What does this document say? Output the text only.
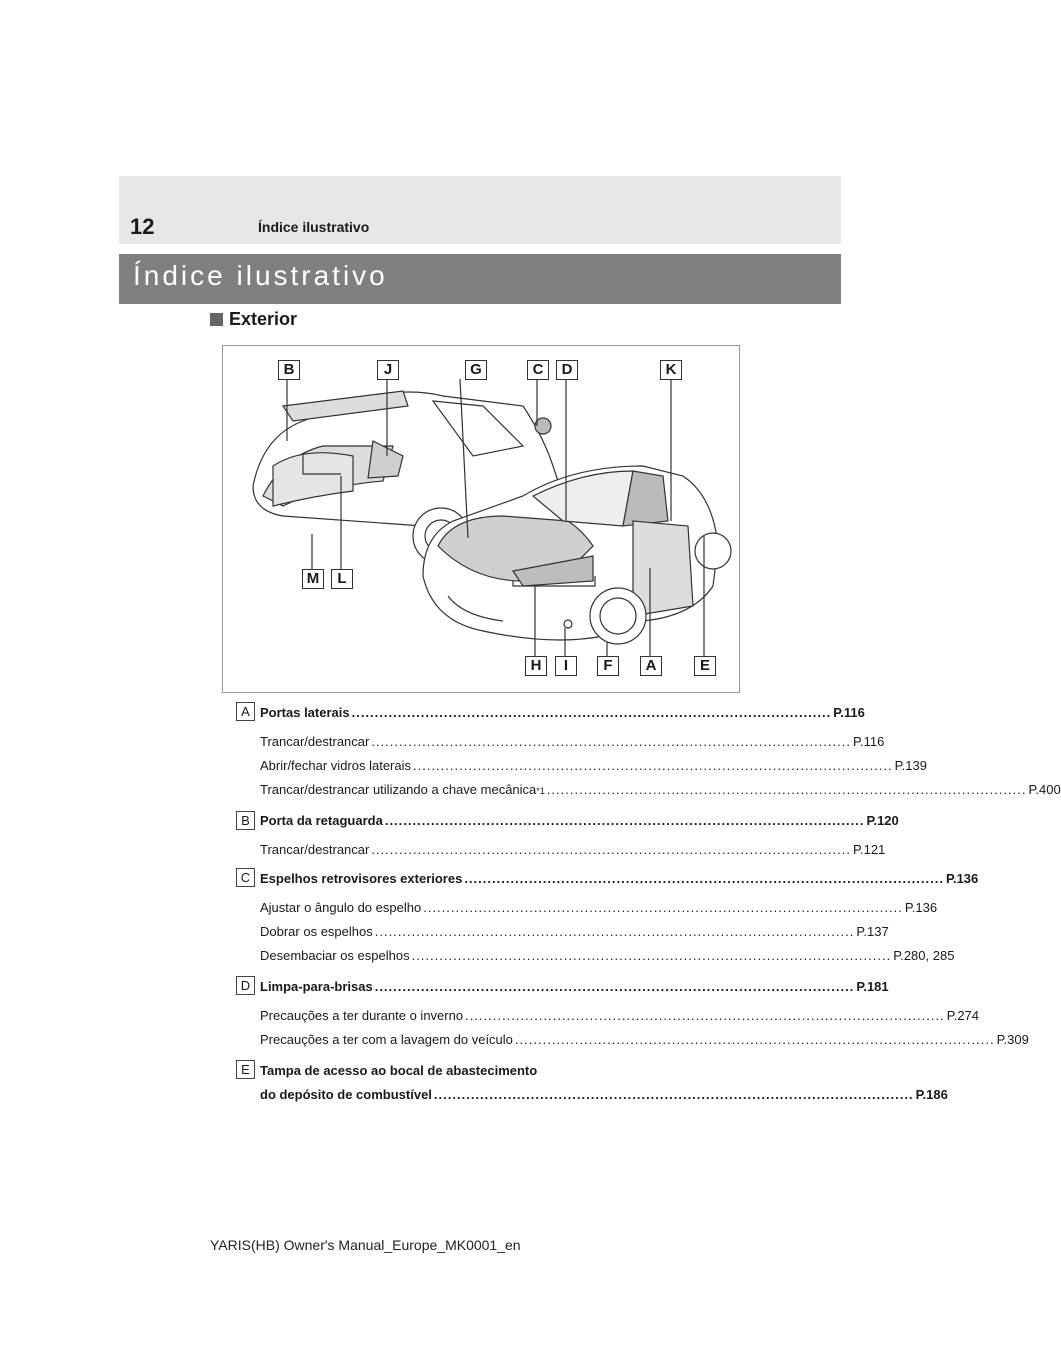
12	Índice ilustrativo
Índice ilustrativo
Exterior
B	J	G	C	D	K
M	L
H	I	F	A	E
A Portas laterais ........................................................................................................ P.116
Trancar/destrancar ........................................................................................................ P.116
Abrir/fechar vidros laterais ........................................................................................................ P.139
Trancar/destrancar utilizando a chave mecânica *1 ........................................................................................................ P.400
B Porta da retaguarda ........................................................................................................ P.120
Trancar/destrancar ........................................................................................................ P.121
C Espelhos retrovisores exteriores ........................................................................................................ P.136
Ajustar o ângulo do espelho ........................................................................................................ P.136
Dobrar os espelhos ........................................................................................................ P.137
Desembaciar os espelhos ........................................................................................................ P.280, 285
D Limpa-para-brisas ........................................................................................................ P.181
Precauções a ter durante o inverno ........................................................................................................ P.274
Precauções a ter com a lavagem do veículo ........................................................................................................ P.309
E Tampa de acesso ao bocal de abastecimento
do depósito de combustível ........................................................................................................ P.186
YARIS(HB) Owner's Manual_Europe_MK0001_en
